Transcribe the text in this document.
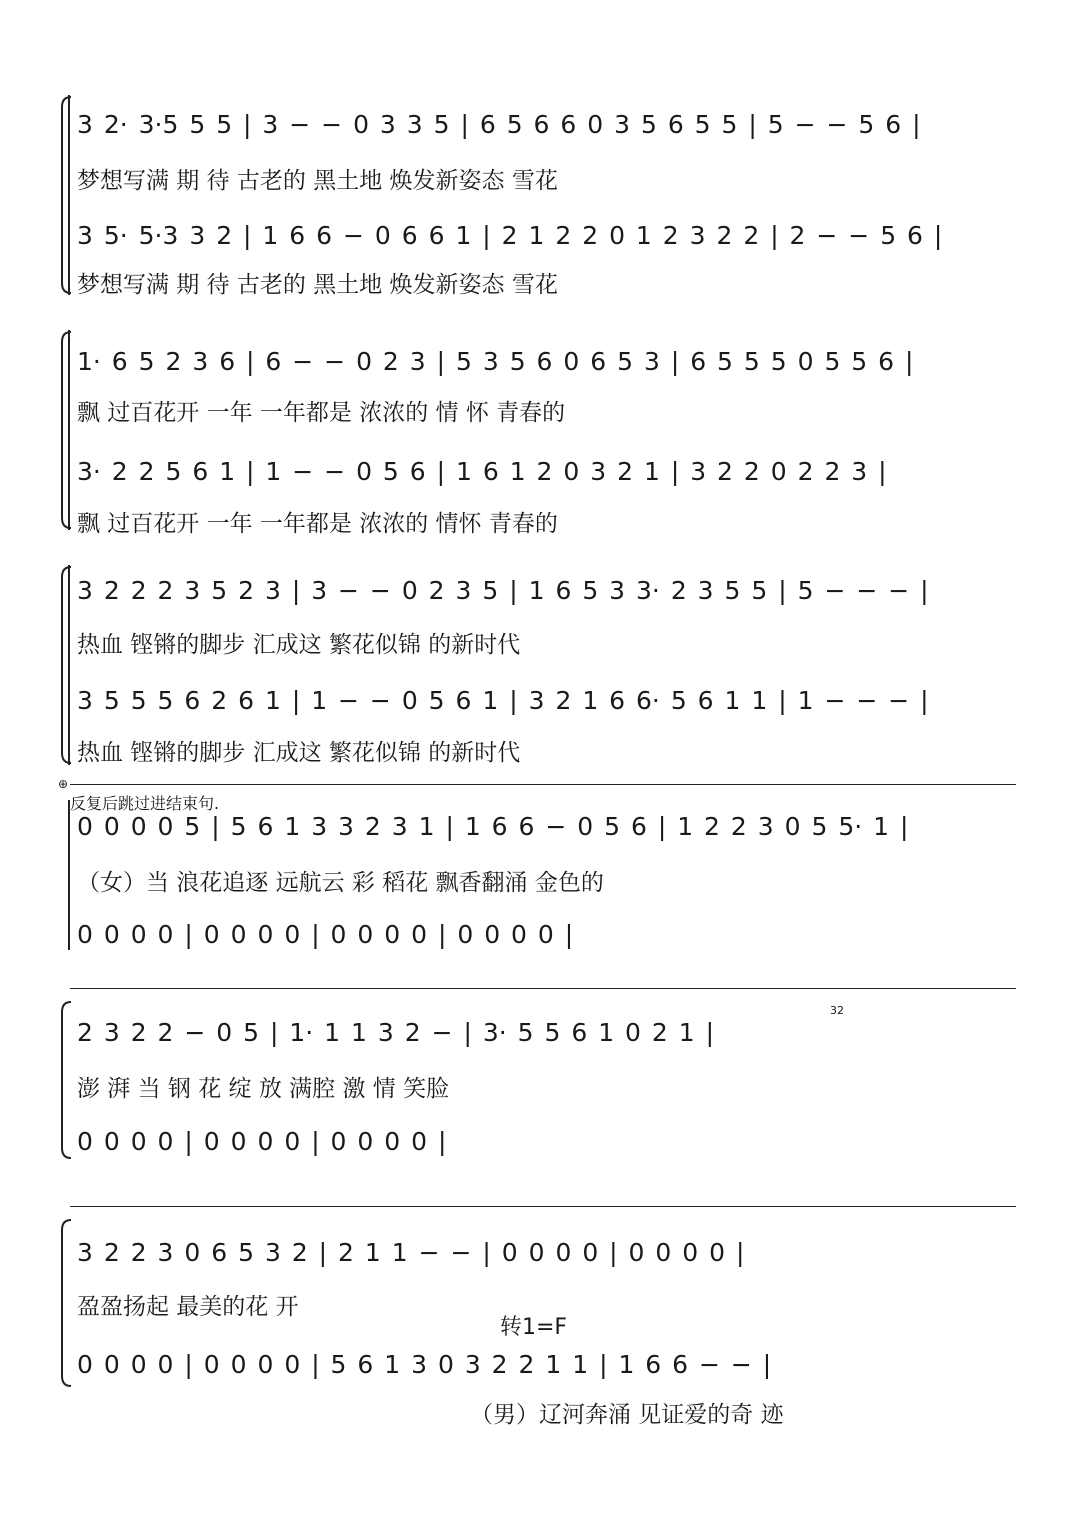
3 2· 3·5 5 5 | 3 − − 0 3 3 5 | 6 5 6 6 0 3 5 6 5 5 | 5 − − 5 6 |
梦想写满 期 待 古老的 黑土地 焕发新姿态 雪花
3 5· 5·3 3 2 | 1 6 6 − 0 6 6 1 | 2 1 2 2 0 1 2 3 2 2 | 2 − − 5 6 |
梦想写满 期 待 古老的 黑土地 焕发新姿态 雪花
1· 6 5 2 3 6 | 6 − − 0 2 3 | 5 3 5 6 0 6 5 3 | 6 5 5 5 0 5 5 6 |
飘 过百花开 一年 一年都是 浓浓的 情 怀 青春的
3· 2 2 5 6 1 | 1 − − 0 5 6 | 1 6 1 2 0 3 2 1 | 3 2 2 0 2 2 3 |
飘 过百花开 一年 一年都是 浓浓的 情怀 青春的
3 2 2 2 3 5 2 3 | 3 − − 0 2 3 5 | 1 6 5 3 3· 2 3 5 5 | 5 − − − |
热血 铿锵的脚步 汇成这 繁花似锦 的新时代
3 5 5 5 6 2 6 1 | 1 − − 0 5 6 1 | 3 2 1 6 6· 5 6 1 1 | 1 − − − |
热血 铿锵的脚步 汇成这 繁花似锦 的新时代
⊕
反复后跳过进结束句.
0 0 0 0 5 | 5 6 1 3 3 2 3 1 | 1 6 6 − 0 5 6 | 1 2 2 3 0 5 5· 1 |
（女）当 浪花追逐 远航云 彩 稻花 飘香翻涌 金色的
0 0 0 0 | 0 0 0 0 | 0 0 0 0 | 0 0 0 0 |
32
2 3 2 2 − 0 5 | 1· 1 1 3 2 − | 3· 5 5 6 1 0 2 1 |
澎 湃 当 钢 花 绽 放 满腔 激 情 笑脸
0 0 0 0 | 0 0 0 0 | 0 0 0 0 |
3 2 2 3 0 6 5 3 2 | 2 1 1 − − | 0 0 0 0 | 0 0 0 0 |
盈盈扬起 最美的花 开
转1=F
0 0 0 0 | 0 0 0 0 | 5 6 1 3 0 3 2 2 1 1 | 1 6 6 − − |
（男）辽河奔涌 见证爱的奇 迹
